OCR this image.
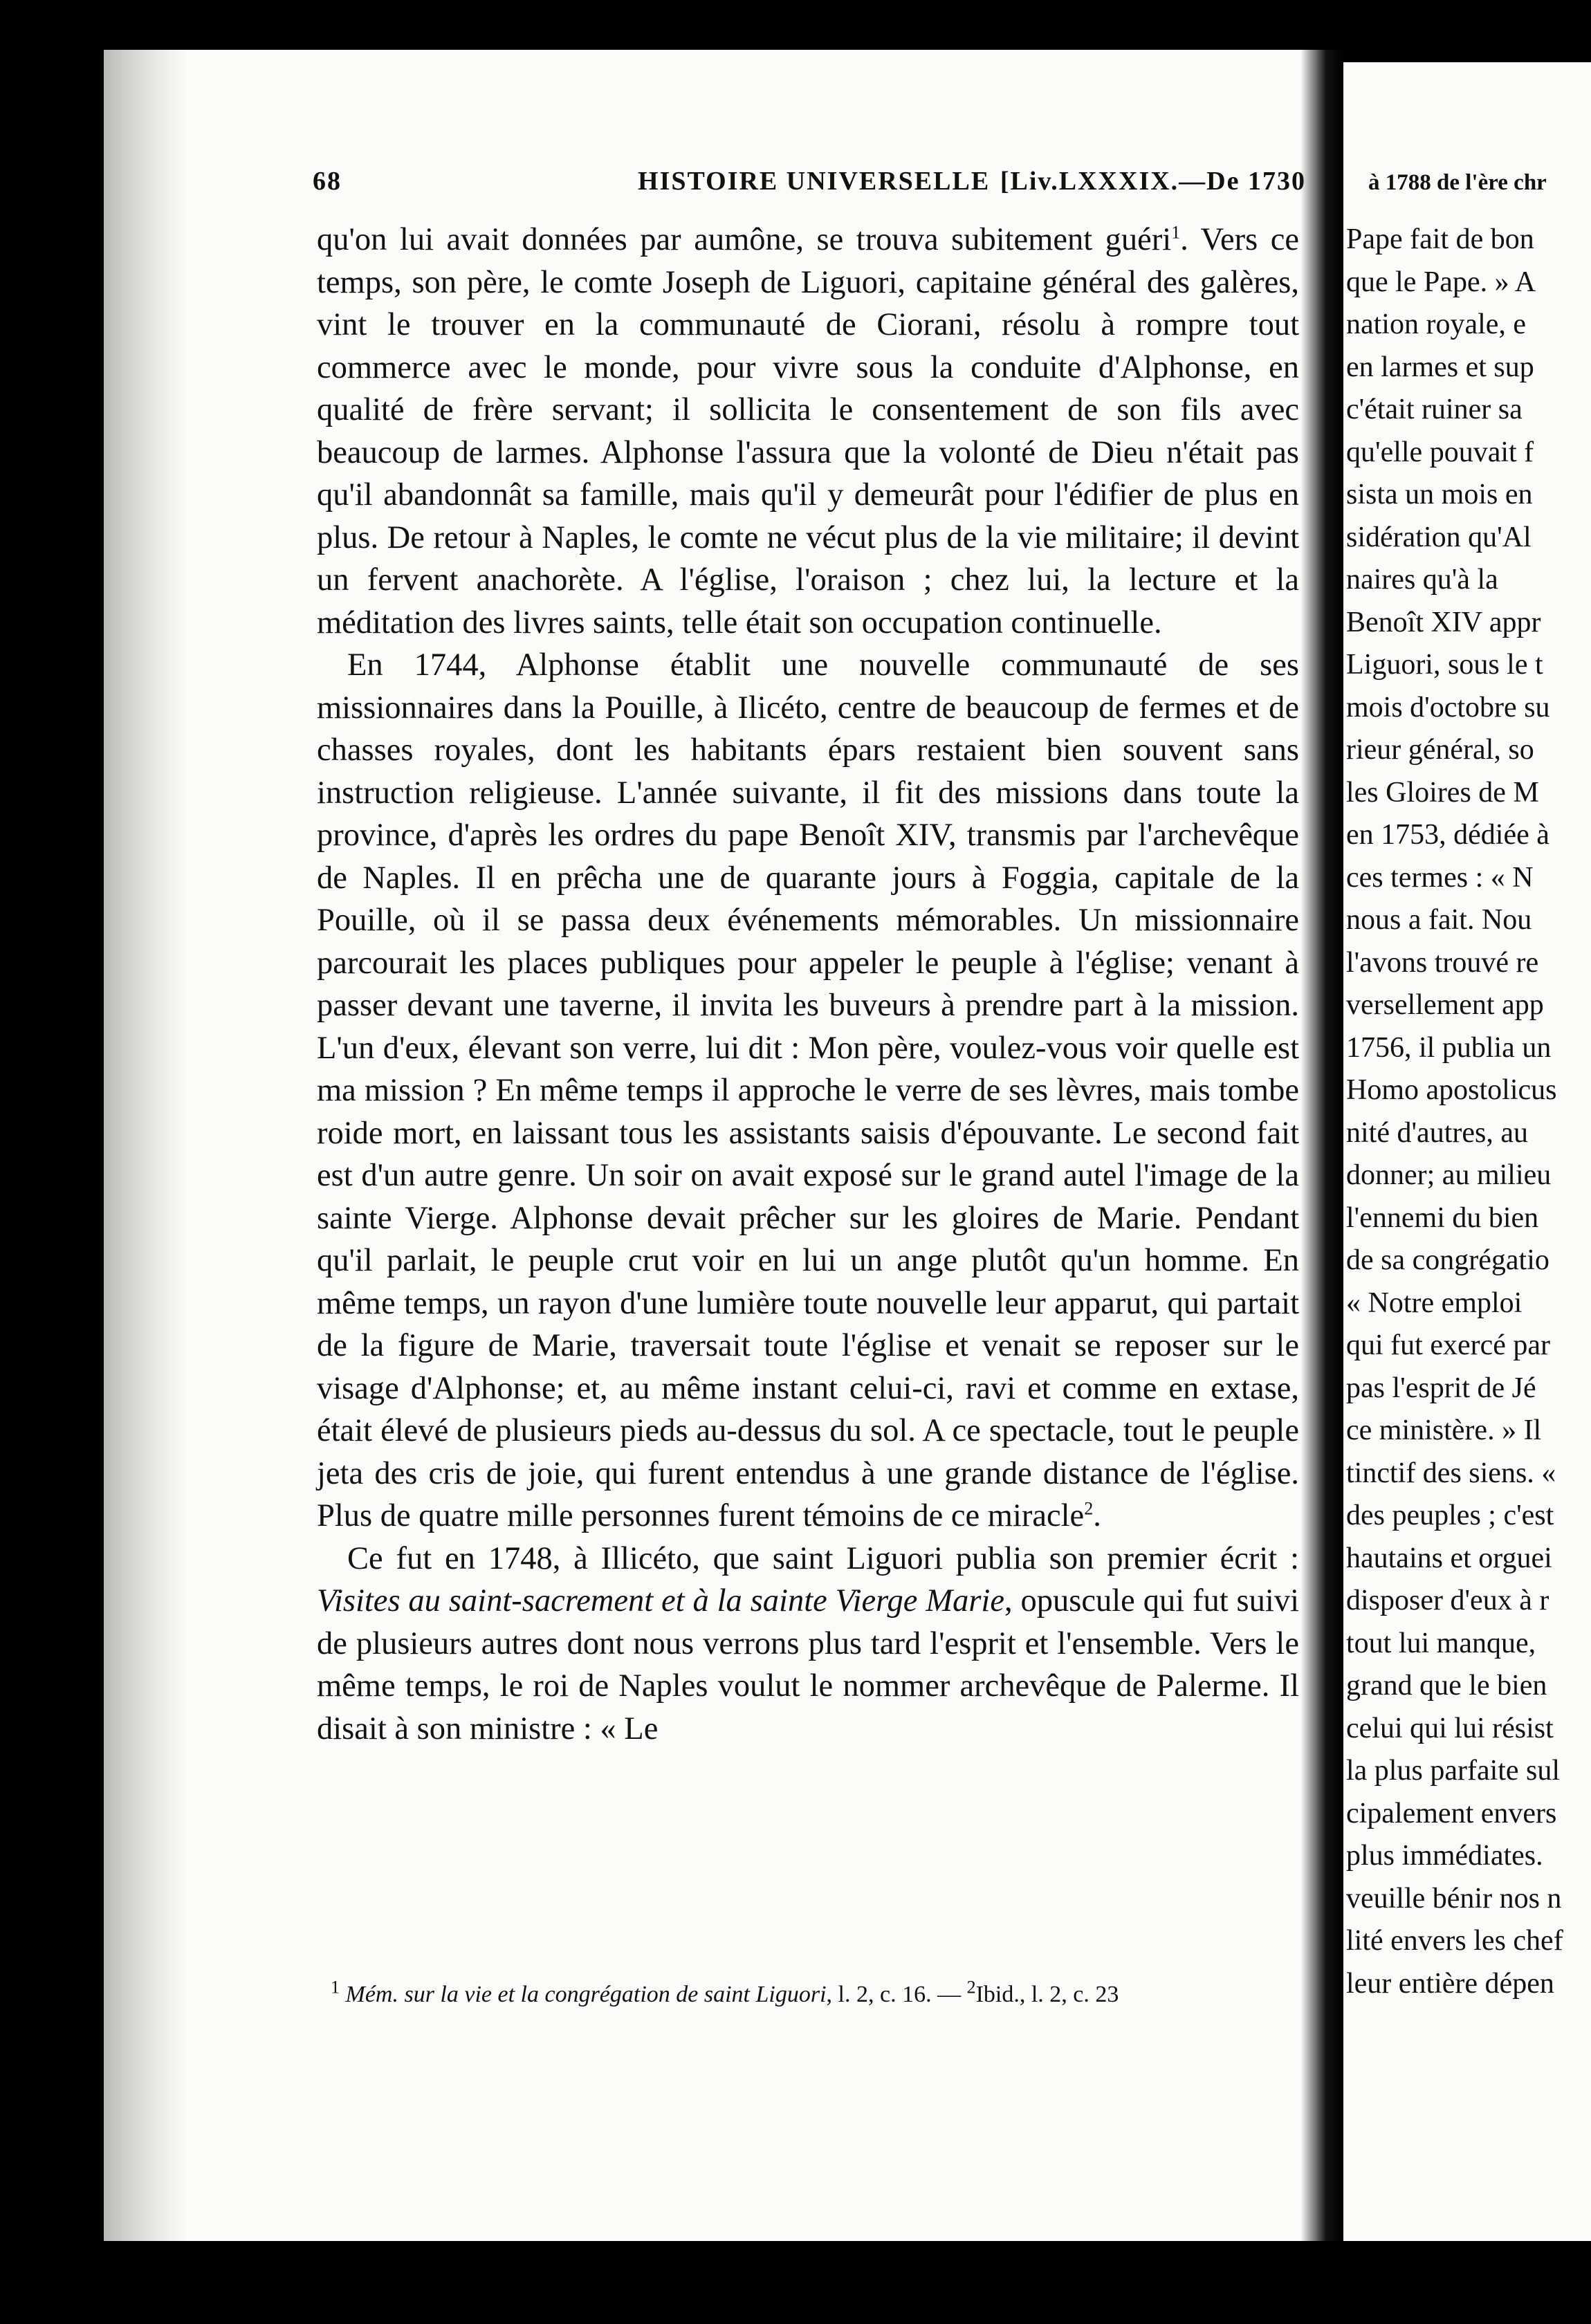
68	HISTOIRE UNIVERSELLE [Liv.LXXXIX.—De 1730

qu'on lui avait données par aumône, se trouva subitement guéri$^1$. Vers ce temps, son père, le comte Joseph de Liguori, capitaine général des galères, vint le trouver en la communauté de Ciorani, résolu à rompre tout commerce avec le monde, pour vivre sous la conduite d'Alphonse, en qualité de frère servant; il sollicita le consentement de son fils avec beaucoup de larmes. Alphonse l'assura que la volonté de Dieu n'était pas qu'il abandonnât sa famille, mais qu'il y demeurât pour l'édifier de plus en plus. De retour à Naples, le comte ne vécut plus de la vie militaire; il devint un fervent anachorète. A l'église, l'oraison ; chez lui, la lecture et la méditation des livres saints, telle était son occupation continuelle.

En 1744, Alphonse établit une nouvelle communauté de ses missionnaires dans la Pouille, à Ilicéto, centre de beaucoup de fermes et de chasses royales, dont les habitants épars restaient bien souvent sans instruction religieuse. L'année suivante, il fit des missions dans toute la province, d'après les ordres du pape Benoît XIV, transmis par l'archevêque de Naples. Il en prêcha une de quarante jours à Foggia, capitale de la Pouille, où il se passa deux événements mémorables. Un missionnaire parcourait les places publiques pour appeler le peuple à l'église; venant à passer devant une taverne, il invita les buveurs à prendre part à la mission. L'un d'eux, élevant son verre, lui dit : Mon père, voulez-vous voir quelle est ma mission ? En même temps il approche le verre de ses lèvres, mais tombe roide mort, en laissant tous les assistants saisis d'épouvante. Le second fait est d'un autre genre. Un soir on avait exposé sur le grand autel l'image de la sainte Vierge. Alphonse devait prêcher sur les gloires de Marie. Pendant qu'il parlait, le peuple crut voir en lui un ange plutôt qu'un homme. En même temps, un rayon d'une lumière toute nouvelle leur apparut, qui partait de la figure de Marie, traversait toute l'église et venait se reposer sur le visage d'Alphonse; et, au même instant celui-ci, ravi et comme en extase, était élevé de plusieurs pieds au-dessus du sol. A ce spectacle, tout le peuple jeta des cris de joie, qui furent entendus à une grande distance de l'église. Plus de quatre mille personnes furent témoins de ce miracle$^2$.

Ce fut en 1748, à Illicéto, que saint Liguori publia son premier écrit : Visites au saint-sacrement et à la sainte Vierge Marie, opuscule qui fut suivi de plusieurs autres dont nous verrons plus tard l'esprit et l'ensemble. Vers le même temps, le roi de Naples voulut le nommer archevêque de Palerme. Il disait à son ministre : « Le

$^1$ Mém. sur la vie et la congrégation de saint Liguori, l. 2, c. 16. — $^2$Ibid., l. 2, c. 23
à 1788 de l'ère chr
Pape fait de bon
que le Pape. » A
nation royale, e
en larmes et sup
c'était ruiner sa
qu'elle pouvait f
sista un mois en
sidération qu'Al
naires qu'à la
Benoît XIV appr
Liguori, sous le t
mois d'octobre su
rieur général, so
les Gloires de M
en 1753, dédiée à
ces termes : « N
nous a fait. Nou
l'avons trouvé re
versellement app
1756, il publia un
Homo apostolicus
nité d'autres, au
donner; au milieu
l'ennemi du bien
de sa congrégatio
« Notre emploi
qui fut exercé par
pas l'esprit de Jé
ce ministère. » Il
tinctif des siens. «
des peuples ; c'est
hautains et orguei
disposer d'eux à r
tout lui manque,
grand que le bien
celui qui lui résist
la plus parfaite sul
cipalement envers
plus immédiates.
veuille bénir nos n
lité envers les chef
leur entière dépen
